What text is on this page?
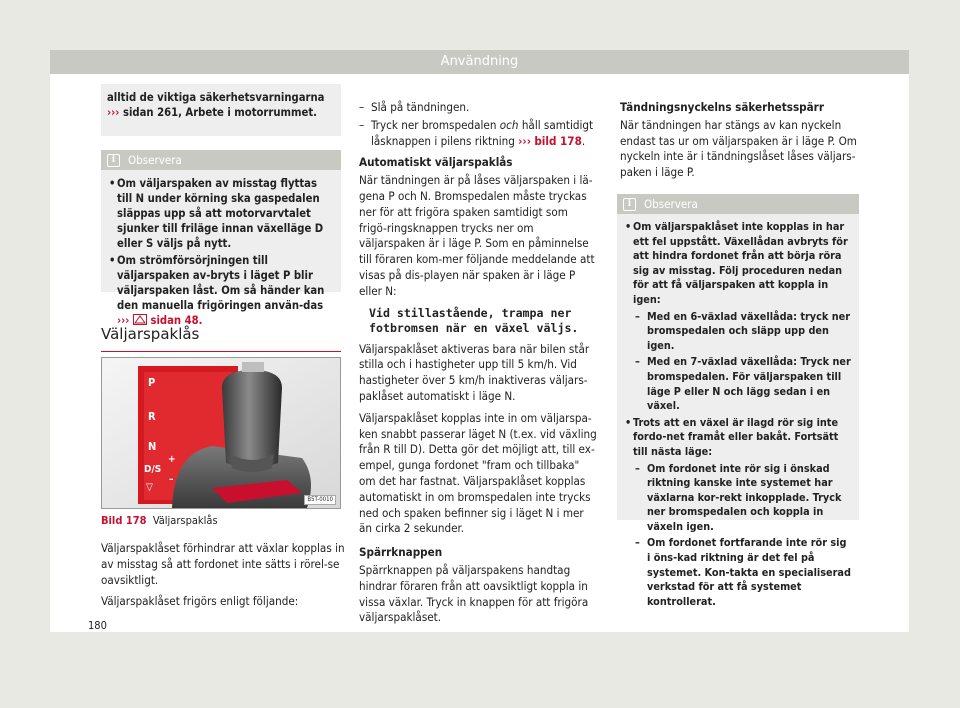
Användning
alltid de viktiga säkerhetsvarningarna
››› sidan 261, Arbete i motorrummet.
i Observera
• Om väljarspaken av misstag flyttas till N under körning ska gaspedalen släppas upp så att motorvarvtalet sjunker till frilägе innan växelläge D eller S väljs på nytt.
• Om strömförsörjningen till väljarspaken av-bryts i läget P blir väljarspaken låst. Om så händer kan den manuella frigöringen använ-das ››› sidan 48.
Väljarspaklås
P
R
N
D/S
+
–
▽
B5T-0010
Bild 178 Väljarspaklås

Väljarspaklåset förhindrar att växlar kopplas in av misstag så att fordonet inte sätts i rörel-se oavsiktligt.

Väljarspaklåset frigörs enligt följande:

– Slå på tändningen.
– Tryck ner bromspedalen och håll samtidigt låsknappen i pilens riktning ››› bild 178.

Automatiskt väljarspaklås

När tändningen är på låses väljarspaken i lä-gena P och N. Bromspedalen måste tryckas ner för att frigöra spaken samtidigt som frigö-ringsknappen trycks ner om väljarspaken är i läge P. Som en påminnelse till föraren kom-mer följande meddelande att visas på dis-playen när spaken är i läge P eller N:

Vid stillastående, trampa ner
fotbromsen när en växel väljs.

Väljarspaklåset aktiveras bara när bilen står stilla och i hastigheter upp till 5 km/h. Vid hastigheter över 5 km/h inaktiveras väljars-paklåset automatiskt i läge N.

Väljarspaklåset kopplas inte in om väljarspa-ken snabbt passerar läget N (t.ex. vid växling från R till D). Detta gör det möjligt att, till ex-empel, gunga fordonet "fram och tillbaka" om det har fastnat. Väljarspaklåset kopplas automatiskt in om bromspedalen inte trycks ned och spaken befinner sig i läget N i mer än cirka 2 sekunder.

Spärrknappen

Spärrknappen på väljarspakens handtag hindrar föraren från att oavsiktligt koppla in vissa växlar. Tryck in knappen för att frigöra väljarspaklåset.

Tändningsnyckelns säkerhetsspärr

När tändningen har stängs av kan nyckeln endast tas ur om väljarspaken är i läge P. Om nyckeln inte är i tändningslåset låses väljars-paken i läge P.

i Observera
• Om väljarspaklåset inte kopplas in har ett fel uppstått. Växellådan avbryts för att hindra fordonet från att börja röra sig av misstag. Följ proceduren nedan för att få väljarspaken att koppla in igen:
– Med en 6-växlad växellåda: tryck ner bromspedalen och släpp upp den igen.
– Med en 7-växlad växellåda: Tryck ner bromspedalen. För väljarspaken till läge P eller N och lägg sedan i en växel.
• Trots att en växel är ilagd rör sig inte fordo-net framåt eller bakåt. Fortsätt till nästa läge:
– Om fordonet inte rör sig i önskad riktning kanske inte systemet har växlarna kor-rekt inkopplade. Tryck ner bromspedalen och koppla in växeln igen.
– Om fordonet fortfarande inte rör sig i öns-kad riktning är det fel på systemet. Kon-takta en specialiserad verkstad för att få systemet kontrollerat.
180
